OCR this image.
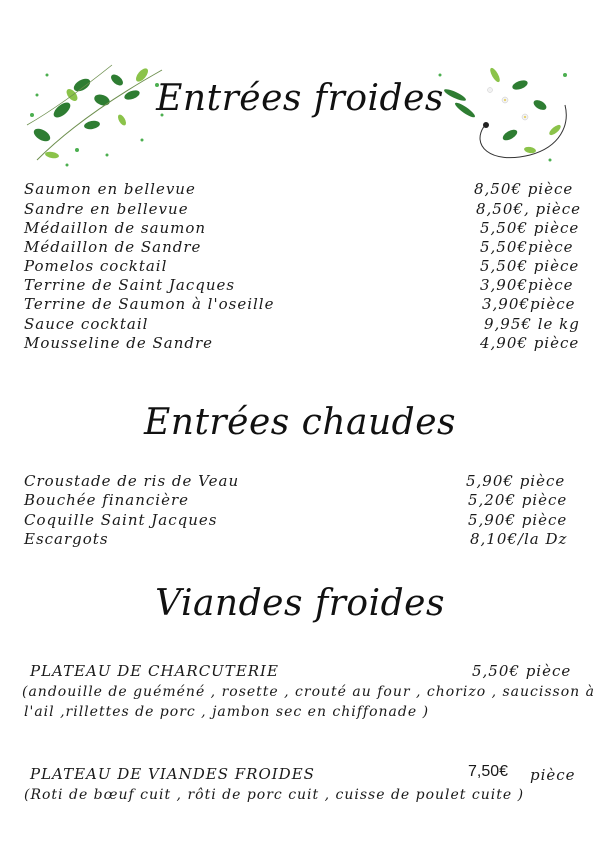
Entrées froides
Saumon en bellevue	8,50€ pièce
Sandre en bellevue	8,50€, pièce
Médaillon de saumon	5,50€ pièce
Médaillon de Sandre	5,50€pièce
Pomelos cocktail	5,50€ pièce
Terrine de Saint Jacques	3,90€pièce
Terrine de Saumon à l'oseille	3,90€pièce
Sauce cocktail	9,95€ le kg
Mousseline de Sandre	4,90€ pièce
Entrées chaudes
Croustade de ris de Veau	5,90€ pièce
Bouchée financière	5,20€ pièce
Coquille Saint Jacques	5,90€ pièce
Escargots	8,10€/la Dz
Viandes froides
PLATEAU DE CHARCUTERIE	5,50€ pièce
(andouille de guéméné , rosette , crouté au four , chorizo , saucisson à
l'ail ,rillettes de porc , jambon sec en chiffonade )
PLATEAU DE VIANDES FROIDES	7,50€ pièce
(Roti de bœuf cuit , rôti de porc cuit , cuisse de poulet cuite )
